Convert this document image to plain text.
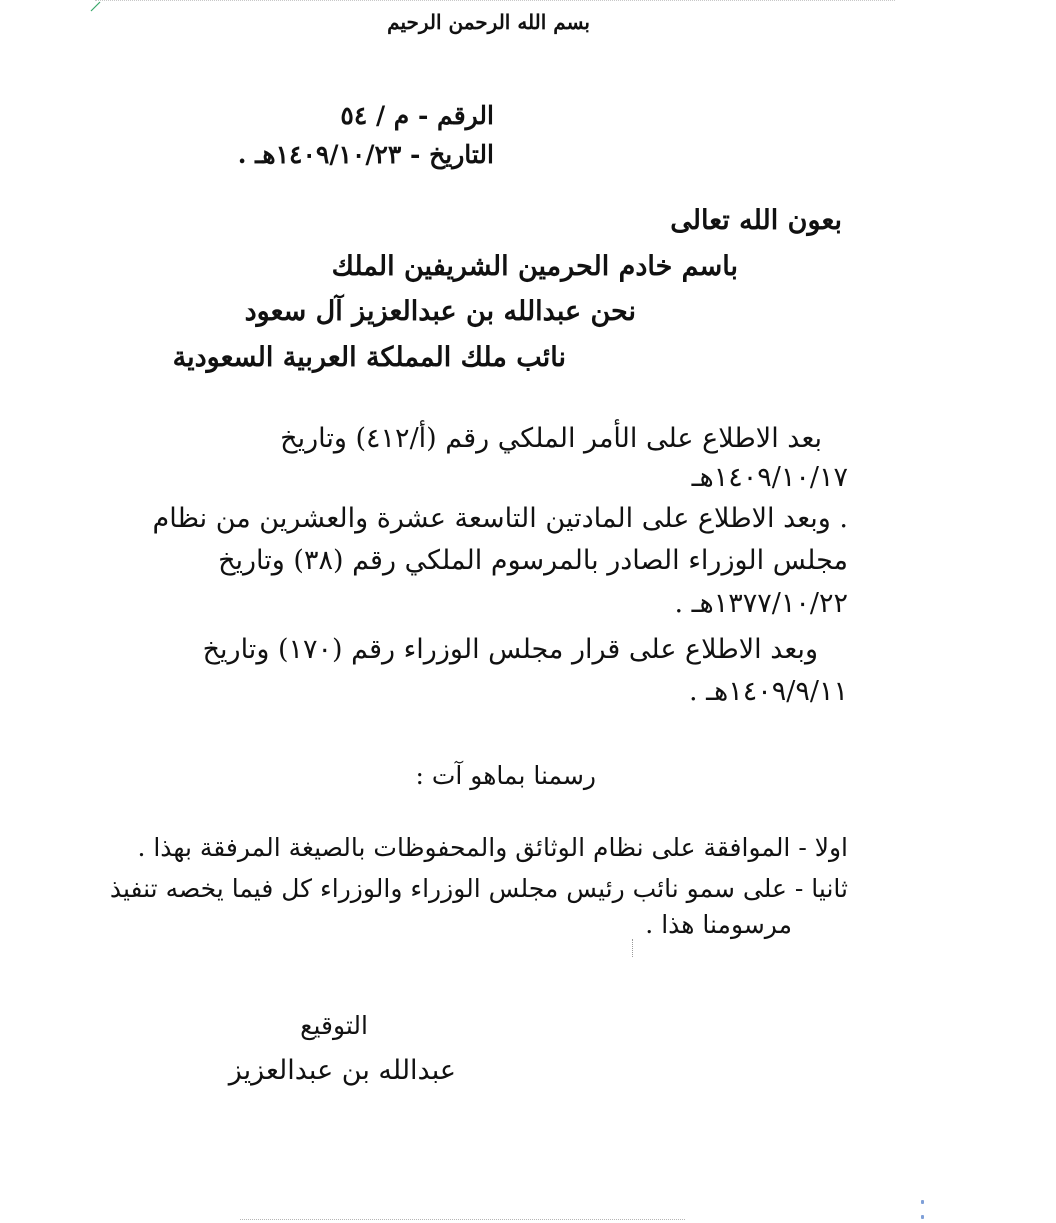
بسم الله الرحمن الرحيم
الرقم - م / ٥٤
التاريخ - ١٤٠٩/١٠/٢٣هـ .
بعون الله تعالى
باسم خادم الحرمين الشريفين الملك
نحن عبدالله بن عبدالعزيز آل سعود
نائب ملك المملكة العربية السعودية
بعد الاطلاع على الأمر الملكي رقم (أ/٤١٢) وتاريخ
١٤٠٩/١٠/١٧هـ
. وبعد الاطلاع على المادتين التاسعة عشرة والعشرين من نظام
مجلس الوزراء الصادر بالمرسوم الملكي رقم (٣٨) وتاريخ
١٣٧٧/١٠/٢٢هـ .
وبعد الاطلاع على قرار مجلس الوزراء رقم (١٧٠) وتاريخ
١٤٠٩/٩/١١هـ .
رسمنا بماهو آت :
اولا - الموافقة على نظام الوثائق والمحفوظات بالصيغة المرفقة بهذا .
ثانيا - على سمو نائب رئيس مجلس الوزراء والوزراء كل فيما يخصه تنفيذ
مرسومنا هذا .
التوقيع
عبدالله بن عبدالعزيز
